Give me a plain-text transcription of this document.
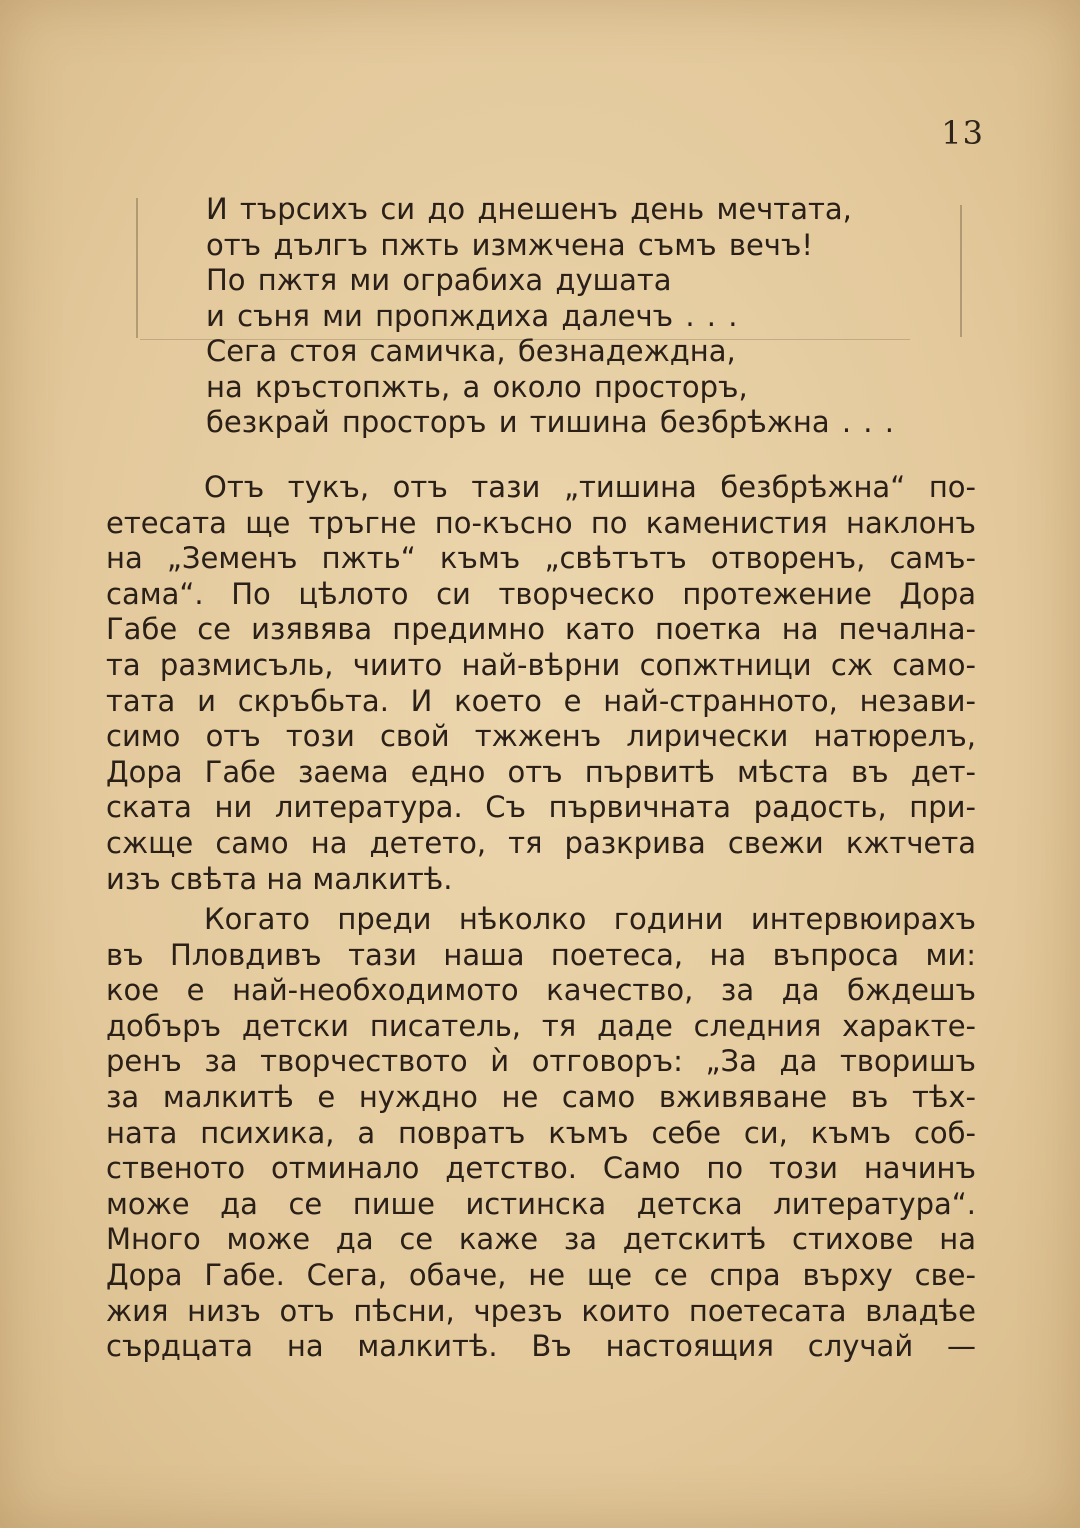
13
И търсихъ си до днешенъ день мечтата,
отъ дългъ пжть измжчена съмъ вечъ!
По пжтя ми ограбиха душата
и съня ми пропждиха далечъ . . .
Сега стоя самичка, безнадеждна,
на кръстопжть, а около просторъ,
безкрай просторъ и тишина безбрѣжна . . .
Отъ тукъ, отъ тази „тишина безбрѣжна“ по-
етесата ще тръгне по-късно по каменистия наклонъ
на „Земенъ пжть“ къмъ „свѣтътъ отворенъ, самъ-
сама“. По цѣлото си творческо протежение Дора
Габе се изявява предимно като поетка на печална-
та размисъль, чиито най-вѣрни сопжтници сж само-
тата и скръбьта. И което е най-странното, незави-
симо отъ този свой тжженъ лирически натюрелъ,
Дора Габе заема едно отъ първитѣ мѣста въ дет-
ската ни литература. Съ първичната радость, при-
сжще само на детето, тя разкрива свежи кжтчета
изъ свѣта на малкитѣ.
Когато преди нѣколко години интервюирахъ
въ Пловдивъ тази наша поетеса, на въпроса ми:
кое е най-необходимото качество, за да бждешъ
добъръ детски писатель, тя даде следния характе-
ренъ за творчеството ѝ отговоръ: „За да творишъ
за малкитѣ е нуждно не само вживяване въ тѣх-
ната психика, а повратъ къмъ себе си, къмъ соб-
ственото отминало детство. Само по този начинъ
може да се пише истинска детска литература“.
Много може да се каже за детскитѣ стихове на
Дора Габе. Сега, обаче, не ще се спра върху све-
жия низъ отъ пѣсни, чрезъ които поетесата владѣе
сърдцата на малкитѣ. Въ настоящия случай —
